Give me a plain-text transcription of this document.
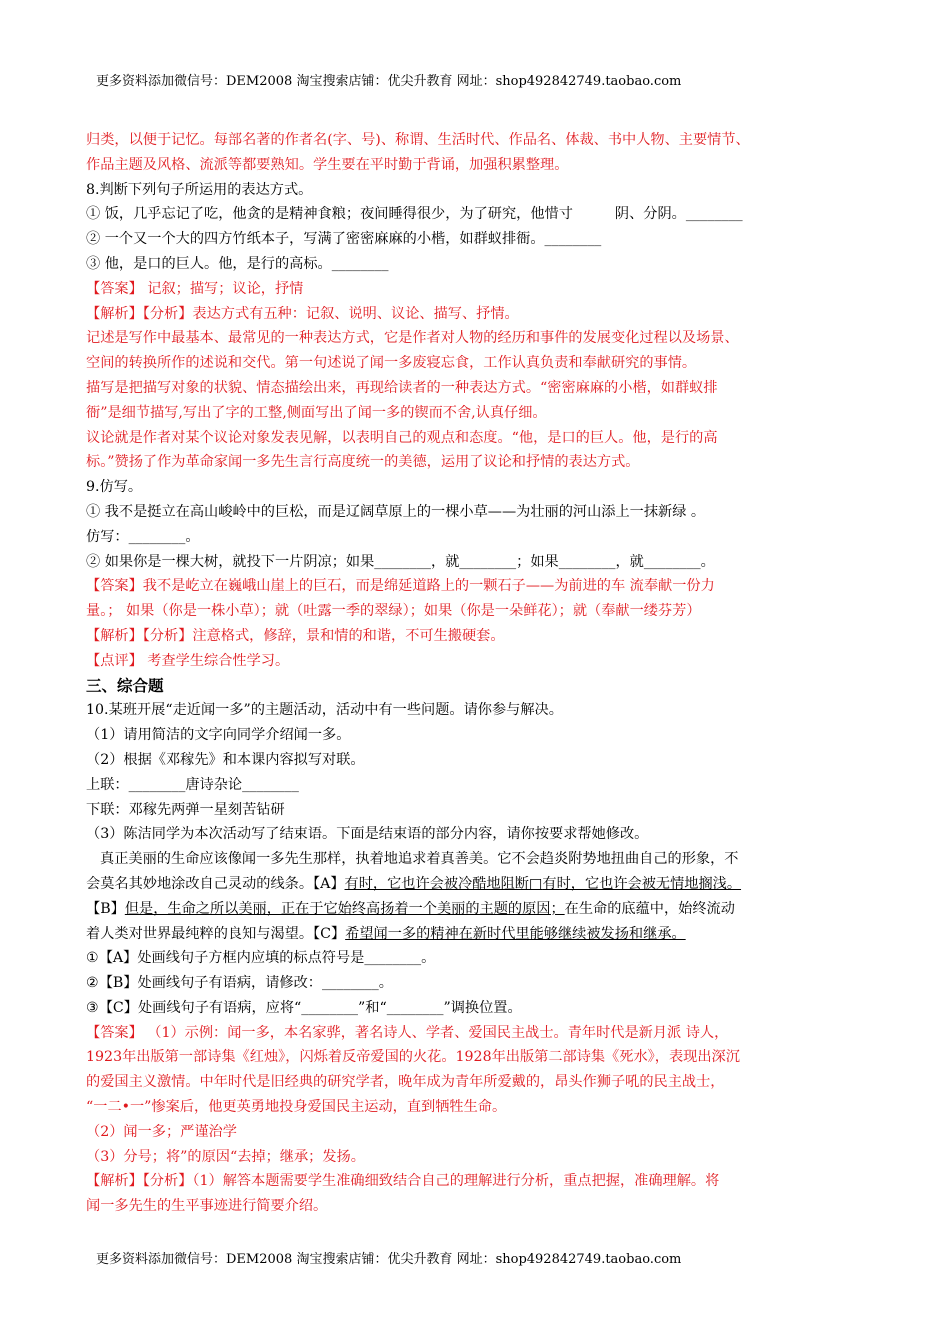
更多资料添加微信号：DEM2008 淘宝搜索店铺：优尖升教育 网址：shop492842749.taobao.com
归类，以便于记忆。每部名著的作者名(字、号)、称谓、生活时代、作品名、体裁、书中人物、主要情节、
作品主题及风格、流派等都要熟知。学生要在平时勤于背诵，加强积累整理。
8.判断下列句子所运用的表达方式。
① 饭，几乎忘记了吃，他贪的是精神食粮；夜间睡得很少，为了研究，他惜寸	阴、分阴。________
② 一个又一个大的四方竹纸本子，写满了密密麻麻的小楷，如群蚁排衙。________
③ 他，是口的巨人。他，是行的高标。________
【答案】 记叙；描写；议论，抒情
【解析】【分析】表达方式有五种：记叙、说明、议论、描写、抒情。
记述是写作中最基本、最常见的一种表达方式，它是作者对人物的经历和事件的发展变化过程以及场景、
空间的转换所作的述说和交代。第一句述说了闻一多废寝忘食，工作认真负责和奉献研究的事情。
描写是把描写对象的状貌、情态描绘出来，再现给读者的一种表达方式。“密密麻麻的小楷，如群蚁排
衙”是细节描写,写出了字的工整,侧面写出了闻一多的锲而不舍,认真仔细。
议论就是作者对某个议论对象发表见解，以表明自己的观点和态度。“他，是口的巨人。他，是行的高
标。”赞扬了作为革命家闻一多先生言行高度统一的美德，运用了议论和抒情的表达方式。
9.仿写。
① 我不是挺立在高山峻岭中的巨松，而是辽阔草原上的一棵小草——为壮丽的河山添上一抹新绿 。
仿写：________。
② 如果你是一棵大树，就投下一片阴凉；如果________，就________；如果________，就________。
【答案】我不是屹立在巍峨山崖上的巨石，而是绵延道路上的一颗石子——为前进的车 流奉献一份力
量。； 如果（你是一株小草）；就（吐露一季的翠绿）；如果（你是一朵鲜花）；就（奉献一缕芬芳）
【解析】【分析】注意格式，修辞，景和情的和谐，不可生搬硬套。
【点评】 考查学生综合性学习。
三、综合题
10.某班开展“走近闻一多”的主题活动，活动中有一些问题。请你参与解决。
（1）请用简洁的文字向同学介绍闻一多。
（2）根据《邓稼先》和本课内容拟写对联。
上联：________唐诗杂论________
下联：邓稼先两弹一星刻苦钻研
（3）陈洁同学为本次活动写了结束语。下面是结束语的部分内容，请你按要求帮她修改。
真正美丽的生命应该像闻一多先生那样，执着地追求着真善美。它不会趋炎附势地扭曲自己的形象，不
会莫名其妙地涂改自己灵动的线条。【A】有时，它也许会被冷酷地阻断□有时，它也许会被无情地搁浅。
【B】但是，生命之所以美丽，正在于它始终高扬着一个美丽的主题的原因；在生命的底蕴中，始终流动
着人类对世界最纯粹的良知与渴望。【C】希望闻一多的精神在新时代里能够继续被发扬和继承。
①【A】处画线句子方框内应填的标点符号是________。
②【B】处画线句子有语病，请修改：________。
③【C】处画线句子有语病，应将“________”和“________”调换位置。
【答案】 （1）示例：闻一多，本名家骅，著名诗人、学者、爱国民主战士。青年时代是新月派 诗人，
1923年出版第一部诗集《红烛》，闪烁着反帝爱国的火花。1928年出版第二部诗集《死水》，表现出深沉
的爱国主义激情。中年时代是旧经典的研究学者，晚年成为青年所爱戴的，昂头作狮子吼的民主战士，
“一二•一”惨案后，他更英勇地投身爱国民主运动，直到牺牲生命。
（2）闻一多；严谨治学
（3）分号；将”的原因“去掉；继承；发扬。
【解析】【分析】（1）解答本题需要学生准确细致结合自己的理解进行分析，重点把握，准确理解。将
闻一多先生的生平事迹进行简要介绍。
更多资料添加微信号：DEM2008 淘宝搜索店铺：优尖升教育 网址：shop492842749.taobao.com
